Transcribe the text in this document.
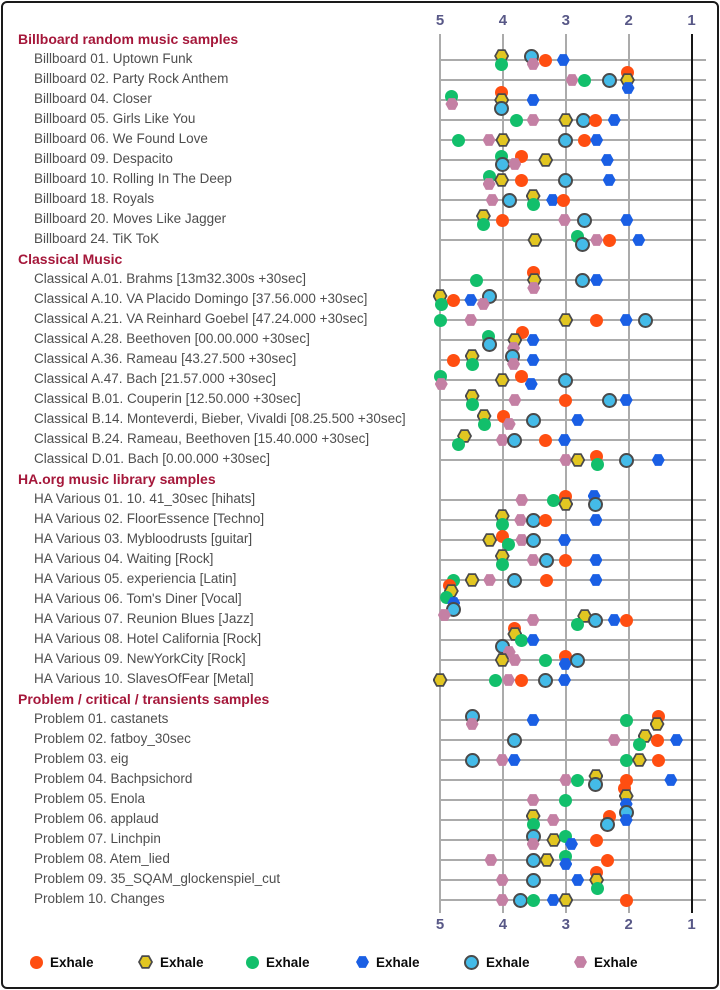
5
5
4
4
3
3
2
2
1
1
Billboard random music samples
Billboard 01. Uptown Funk
Billboard 02. Party Rock Anthem
Billboard 04. Closer
Billboard 05. Girls Like You
Billboard 06. We Found Love
Billboard 09. Despacito
Billboard 10. Rolling In The Deep
Billboard 18. Royals
Billboard 20. Moves Like Jagger
Billboard 24. TiK ToK
Classical Music
Classical A.01. Brahms [13m32.300s +30sec]
Classical A.10. VA Placido Domingo [37.56.000 +30sec]
Classical A.21. VA Reinhard Goebel [47.24.000 +30sec]
Classical A.28. Beethoven [00.00.000 +30sec]
Classical A.36. Rameau [43.27.500 +30sec]
Classical A.47. Bach [21.57.000 +30sec]
Classical B.01. Couperin [12.50.000 +30sec]
Classical B.14. Monteverdi, Bieber, Vivaldi [08.25.500 +30sec]
Classical B.24. Rameau, Beethoven [15.40.000 +30sec]
Classical D.01. Bach [0.00.000 +30sec]
HA.org music library samples
HA Various 01. 10. 41_30sec [hihats]
HA Various 02. FloorEssence [Techno]
HA Various 03. Mybloodrusts [guitar]
HA Various 04. Waiting [Rock]
HA Various 05. experiencia [Latin]
HA Various 06. Tom's Diner [Vocal]
HA Various 07. Reunion Blues [Jazz]
HA Various 08. Hotel California [Rock]
HA Various 09. NewYorkCity [Rock]
HA Various 10. SlavesOfFear [Metal]
Problem / critical / transients samples
Problem 01. castanets
Problem 02. fatboy_30sec
Problem 03. eig
Problem 04. Bachpsichord
Problem 05. Enola
Problem 06. applaud
Problem 07. Linchpin
Problem 08. Atem_lied
Problem 09. 35_SQAM_glockenspiel_cut
Problem 10. Changes
Exhale	Exhale	Exhale	Exhale	Exhale	Exhale
